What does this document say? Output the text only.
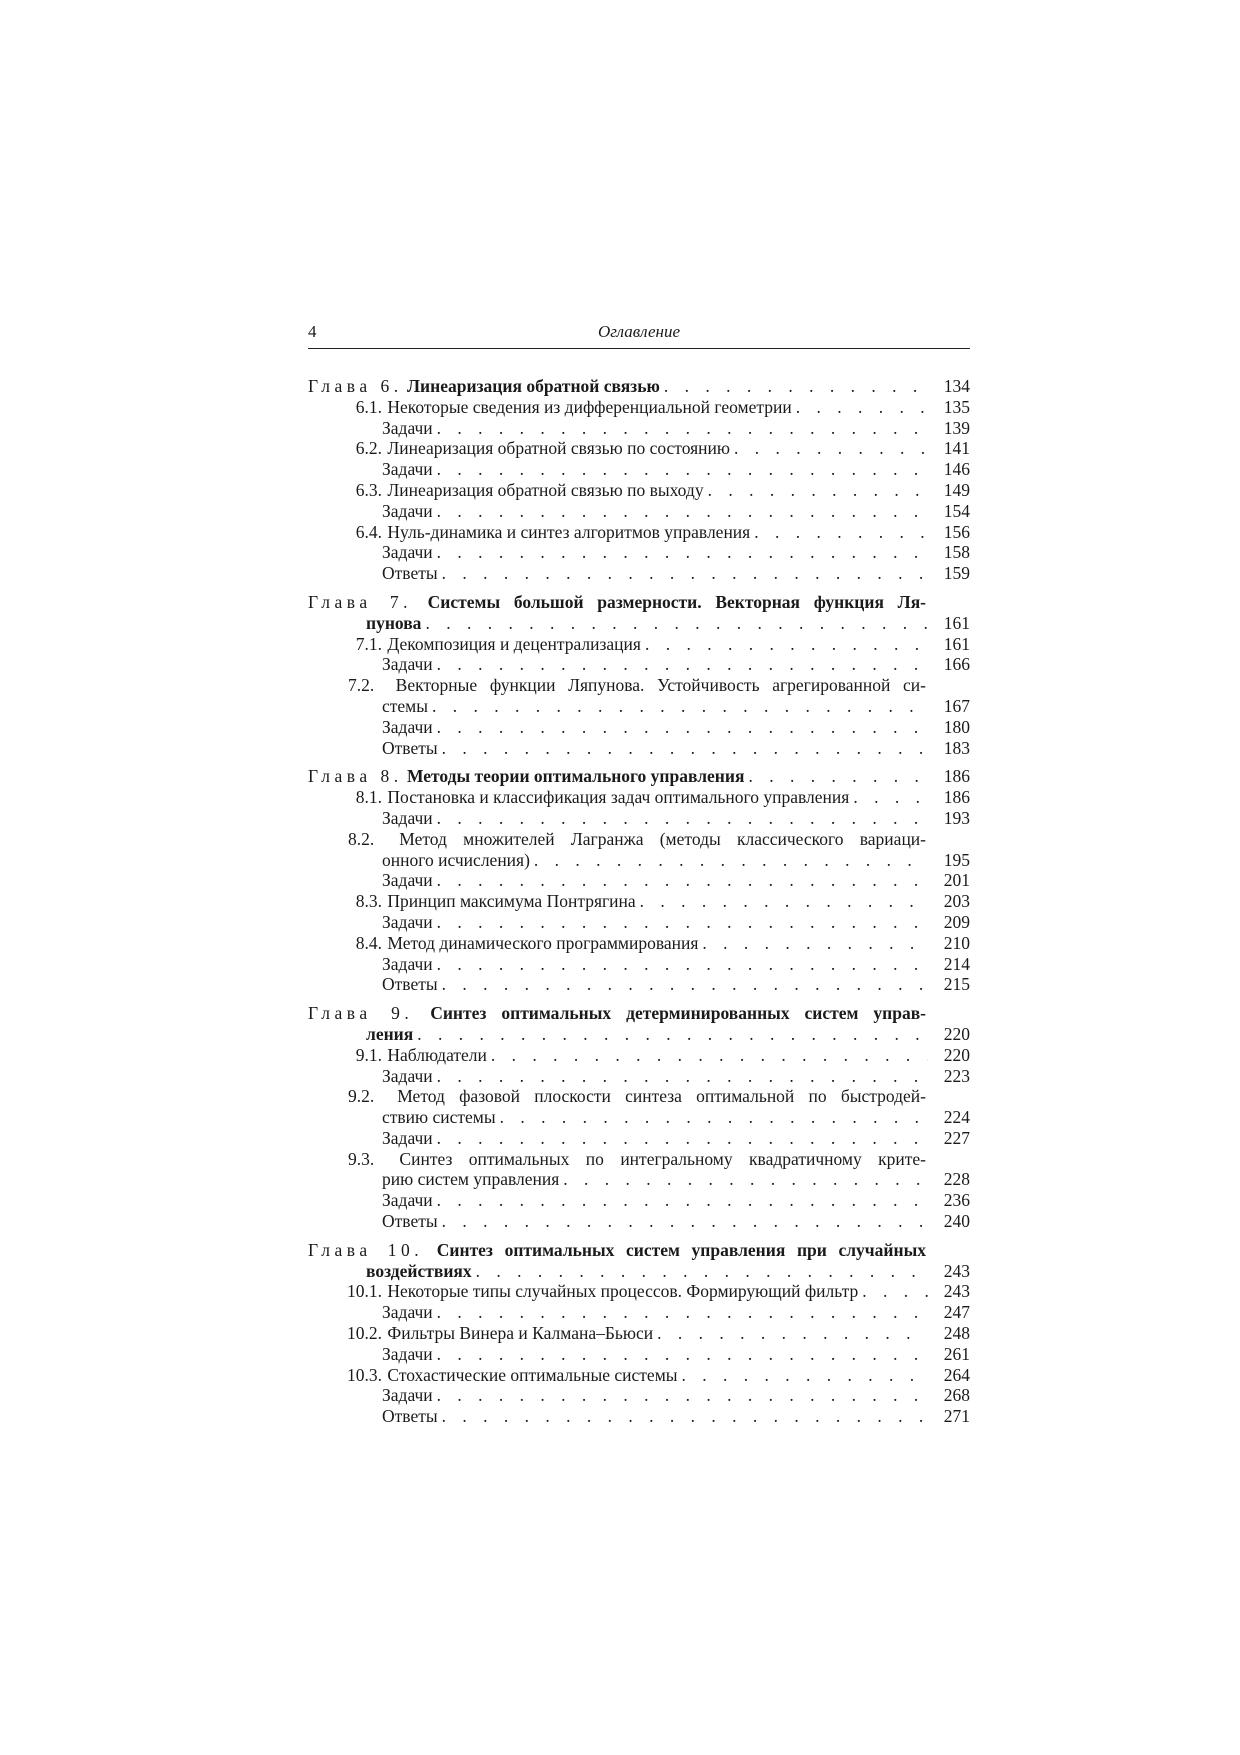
4	Оглавление
Глава 6. Линеаризация обратной связью . . .	134
6.1. Некоторые сведения из дифференциальной геометрии . . .	135
Задачи . . .	139
6.2. Линеаризация обратной связью по состоянию . . .	141
Задачи . . .	146
6.3. Линеаризация обратной связью по выходу . . .	149
Задачи . . .	154
6.4. Нуль-динамика и синтез алгоритмов управления . . .	156
Задачи . . .	158
Ответы . . .	159
Глава 7. Системы большой размерности. Векторная функция Ля-
пунова . . .	161
7.1. Декомпозиция и децентрализация . . .	161
Задачи . . .	166
7.2. Векторные функции Ляпунова. Устойчивость агрегированной си-
стемы . . .	167
Задачи . . .	180
Ответы . . .	183
Глава 8. Методы теории оптимального управления . . .	186
8.1. Постановка и классификация задач оптимального управления . . .	186
Задачи . . .	193
8.2. Метод множителей Лагранжа (методы классического вариаци-
онного исчисления) . . .	195
Задачи . . .	201
8.3. Принцип максимума Понтрягина . . .	203
Задачи . . .	209
8.4. Метод динамического программирования . . .	210
Задачи . . .	214
Ответы . . .	215
Глава 9. Синтез оптимальных детерминированных систем управ-
ления . . .	220
9.1. Наблюдатели . . .	220
Задачи . . .	223
9.2. Метод фазовой плоскости синтеза оптимальной по быстродей-
ствию системы . . .	224
Задачи . . .	227
9.3. Синтез оптимальных по интегральному квадратичному крите-
рию систем управления . . .	228
Задачи . . .	236
Ответы . . .	240
Глава 10. Синтез оптимальных систем управления при случайных
воздействиях . . .	243
10.1. Некоторые типы случайных процессов. Формирующий фильтр . . .	243
Задачи . . .	247
10.2. Фильтры Винера и Калмана–Бьюси . . .	248
Задачи . . .	261
10.3. Стохастические оптимальные системы . . .	264
Задачи . . .	268
Ответы . . .	271
